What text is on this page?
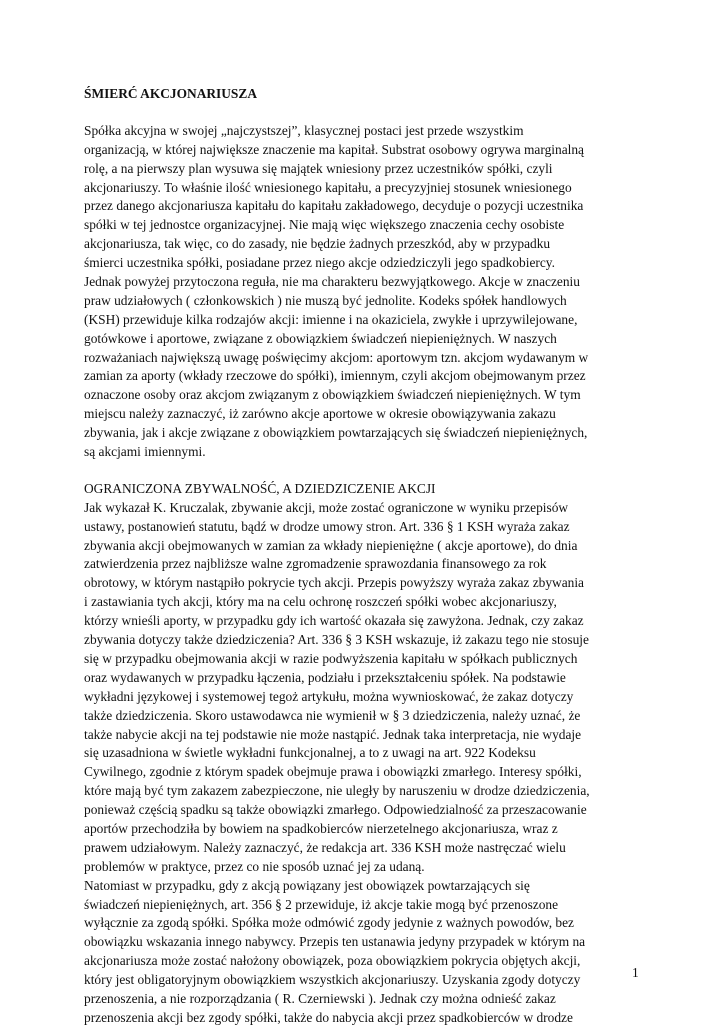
ŚMIERĆ AKCJONARIUSZA
Spółka akcyjna w swojej „najczystszej”, klasycznej postaci jest przede wszystkim
organizacją, w której największe znaczenie ma kapitał. Substrat osobowy ogrywa marginalną
rolę, a na pierwszy plan wysuwa się majątek wniesiony przez uczestników spółki, czyli
akcjonariuszy. To właśnie ilość wniesionego kapitału, a precyzyjniej stosunek wniesionego
przez danego akcjonariusza kapitału do kapitału zakładowego, decyduje o pozycji uczestnika
spółki w tej jednostce organizacyjnej. Nie mają więc większego znaczenia cechy osobiste
akcjonariusza, tak więc, co do zasady, nie będzie żadnych przeszkód, aby w przypadku
śmierci uczestnika spółki, posiadane przez niego akcje odziedziczyli jego spadkobiercy.
Jednak powyżej przytoczona reguła, nie ma charakteru bezwyjątkowego. Akcje w znaczeniu
praw udziałowych ( członkowskich ) nie muszą być jednolite. Kodeks spółek handlowych
(KSH) przewiduje kilka rodzajów akcji: imienne i na okaziciela, zwykłe i uprzywilejowane,
gotówkowe i aportowe, związane z obowiązkiem świadczeń niepieniężnych. W naszych
rozważaniach największą uwagę poświęcimy akcjom: aportowym tzn. akcjom wydawanym w
zamian za aporty (wkłady rzeczowe do spółki), imiennym, czyli akcjom obejmowanym przez
oznaczone osoby oraz akcjom związanym z obowiązkiem świadczeń niepieniężnych. W tym
miejscu należy zaznaczyć, iż zarówno akcje aportowe w okresie obowiązywania zakazu
zbywania, jak i akcje związane z obowiązkiem powtarzających się świadczeń niepieniężnych,
są akcjami imiennymi.
OGRANICZONA ZBYWALNOŚĆ, A DZIEDZICZENIE AKCJI
Jak wykazał K. Kruczalak, zbywanie akcji, może zostać ograniczone w wyniku przepisów
ustawy, postanowień statutu, bądź w drodze umowy stron. Art. 336 § 1 KSH wyraża zakaz
zbywania akcji obejmowanych w zamian za wkłady niepieniężne ( akcje aportowe), do dnia
zatwierdzenia przez najbliższe walne zgromadzenie sprawozdania finansowego za rok
obrotowy, w którym nastąpiło pokrycie tych akcji. Przepis powyższy wyraża zakaz zbywania
i zastawiania tych akcji, który ma na celu ochronę roszczeń spółki wobec akcjonariuszy,
którzy wnieśli aporty, w przypadku gdy ich wartość okazała się zawyżona. Jednak, czy zakaz
zbywania dotyczy także dziedziczenia? Art. 336 § 3 KSH wskazuje, iż zakazu tego nie stosuje
się w przypadku obejmowania akcji w razie podwyższenia kapitału w spółkach publicznych
oraz wydawanych w przypadku łączenia, podziału i przekształceniu spółek. Na podstawie
wykładni językowej i systemowej tegoż artykułu, można wywnioskować, że zakaz dotyczy
także dziedziczenia. Skoro ustawodawca nie wymienił w § 3 dziedziczenia, należy uznać, że
także nabycie akcji na tej podstawie nie może nastąpić. Jednak taka interpretacja, nie wydaje
się uzasadniona w świetle wykładni funkcjonalnej, a to z uwagi na art. 922 Kodeksu
Cywilnego, zgodnie z którym spadek obejmuje prawa i obowiązki zmarłego. Interesy spółki,
które mają być tym zakazem zabezpieczone, nie uległy by naruszeniu w drodze dziedziczenia,
ponieważ częścią spadku są także obowiązki zmarłego. Odpowiedzialność za przeszacowanie
aportów przechodziła by bowiem na spadkobierców nierzetelnego akcjonariusza, wraz z
prawem udziałowym. Należy zaznaczyć, że redakcja art. 336 KSH może nastręczać wielu
problemów w praktyce, przez co nie sposób uznać jej za udaną.
Natomiast w przypadku, gdy z akcją powiązany jest obowiązek powtarzających się
świadczeń niepieniężnych, art. 356 § 2 przewiduje, iż akcje takie mogą być przenoszone
wyłącznie za zgodą spółki. Spółka może odmówić zgody jedynie z ważnych powodów, bez
obowiązku wskazania innego nabywcy. Przepis ten ustanawia jedyny przypadek w którym na
akcjonariusza może zostać nałożony obowiązek, poza obowiązkiem pokrycia objętych akcji,
który jest obligatoryjnym obowiązkiem wszystkich akcjonariuszy. Uzyskania zgody dotyczy
przenoszenia, a nie rozporządzania ( R. Czerniewski ). Jednak czy można odnieść zakaz
przenoszenia akcji bez zgody spółki, także do nabycia akcji przez spadkobierców w drodze
1
